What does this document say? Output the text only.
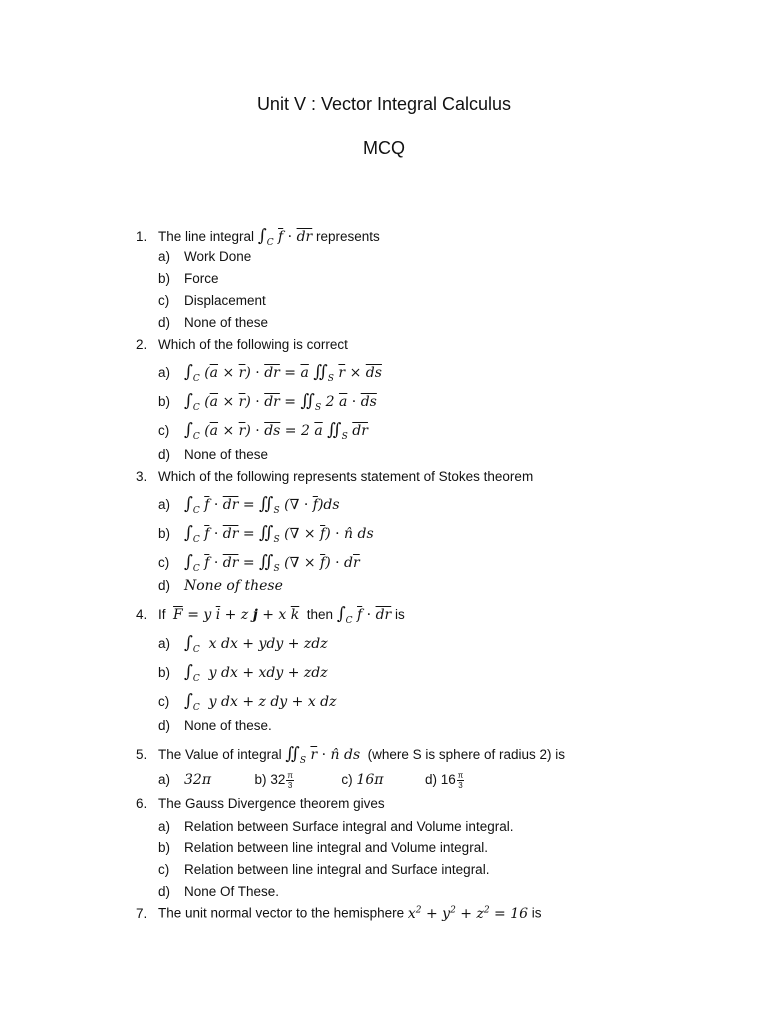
Unit V : Vector Integral Calculus
MCQ
1. The line integral $\int_C$ $\overline{f} \cdot \overline{dr}$ represents
a) Work Done
b) Force
c) Displacement
d) None of these
2. Which of the following is correct
a) $\int_C$ $(\overline{a} \times \overline{r}) \cdot \overline{dr} = \overline{a}$ $∬_S$ $\overline{r} \times \overline{ds}$
b) $\int_C$ $(\overline{a} \times \overline{r}) \cdot \overline{dr}$ = $∬_S$ 2 $\overline{a} \cdot \overline{ds}$
c) $\int_C$ $(\overline{a} \times \overline{r}) \cdot \overline{ds} = 2$ $\overline{a}$ $∬_S$ $\overline{dr}$
d) None of these
3. Which of the following represents statement of Stokes theorem
a) $\int_C$ $\overline{f} \cdot \overline{dr}$ = $∬_S$ (∇ · $\overline{f})ds$
b) $\int_C$ $\overline{f} \cdot \overline{dr}$ = $∬_S$ (∇ × $\overline{f}$) · n̂ ds
c) $\int_C$ $\overline{f} \cdot \overline{dr}$ = $∬_S$ (∇ × $\overline{f}) \cdot d\overline{r}$
d) None of these
4. If $\overline{F} = y$ $\overline{i} + z$ j + x $\overline{k}$ then $\int_C$ $\overline{f} \cdot \overline{dr}$ is
a) $\int_C$  x dx + ydy + zdz
b) $\int_C$  y dx + xdy + zdz
c) $\int_C$  y dx + z dy + x dz
d) None of these.
5. The Value of integral $∬_S$ $\overline{r}$ · n̂ ds (where S is sphere of radius 2) is
a) 32π	b) $32 \frac{\pi}{3}$	c) 16π	d) $16 \frac{\pi}{3}$
6. The Gauss Divergence theorem gives
a) Relation between Surface integral and Volume integral.
b) Relation between line integral and Volume integral.
c) Relation between line integral and Surface integral.
d) None Of These.
7. The unit normal vector to the hemisphere $x^2 + y^2 + z^2 = 16$ is
